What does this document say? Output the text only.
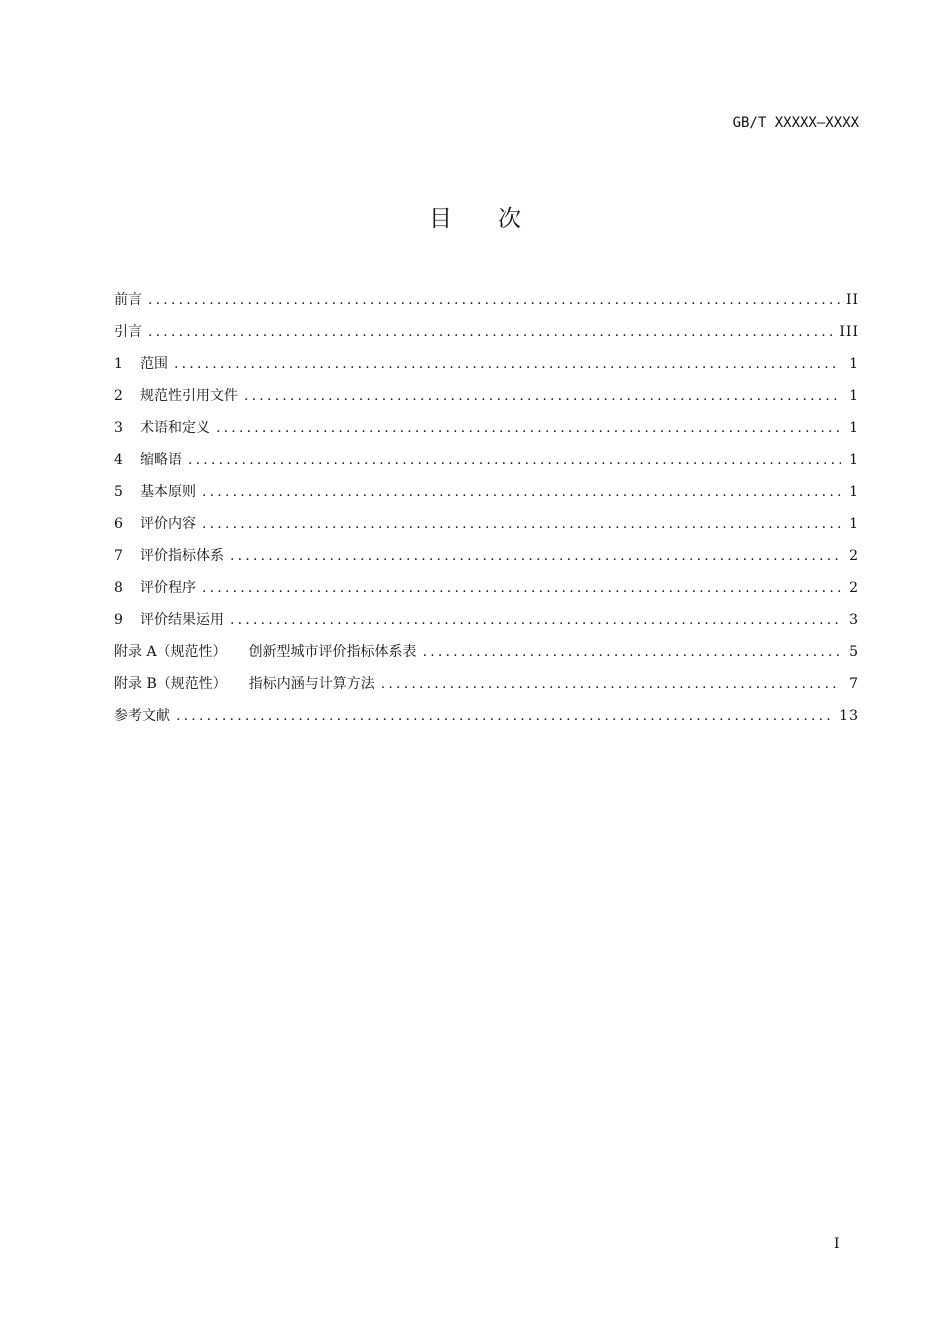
GB/T XXXXX—XXXX
目 次
前言 .....	II
引言 .....	III
1	范围 .....	1
2	规范性引用文件 .....	1
3	术语和定义 .....	1
4	缩略语 .....	1
5	基本原则 .....	1
6	评价内容 .....	1
7	评价指标体系 .....	2
8	评价程序 .....	2
9	评价结果运用 .....	3
附录 A（规范性） 创新型城市评价指标体系表 .....	5
附录 B（规范性） 指标内涵与计算方法 .....	7
参考文献 .....	13
I
